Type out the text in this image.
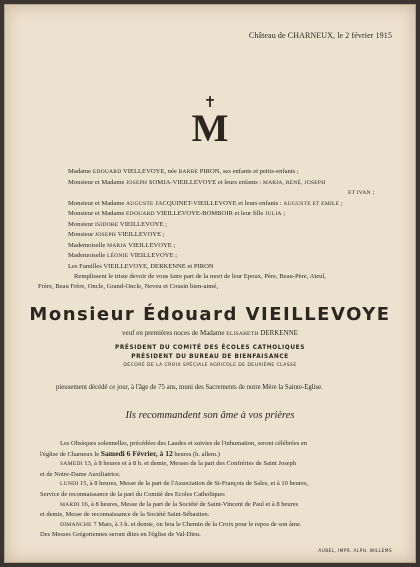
Château de CHARNEUX, le 2 février 1915
✝
M
Madame EDOUARD VIELLEVOYE, née BARBE PIRON, ses enfants et petits-enfants ;
Monsieur et Madame JOSEPH SOMJA-VIEILLEVOYE et leurs enfants : MARIA, RENÉ, JOSEPH
ET IVAN ;
Monsieur et Madame AUGUSTE JACQUINET-VIEILLEVOYE et leurs enfants : AUGUSTE ET EMILE ;
Monsieur et Madame EDOUARD VIEILLEVOYE-BOMBOIR et leur fille JULIA ;
Monsieur ISIDORE VIEILLEVOYE ;
Monsieur JOSEPH VIEILLEVOYE ;
Mademoiselle MARIA VIEILLEVOYE ;
Mademoiselle LÉONIE VIEILLEVOYE ;
Les Familles VIEILLEVOYE, DERKENNE et PIRON
Remplissent le triste devoir de vous faire part de la mort de leur Epoux, Père, Beau-Père, Aïeul,
Frère, Beau Frère, Oncle, Grand-Oncle, Neveu et Cousin bien-aimé,
Monsieur Édouard VIEILLEVOYE
veuf en premières noces de Madame ELISABETH DERKENNE
PRÉSIDENT DU COMITÉ DES ÉCOLES CATHOLIQUES
PRÉSIDENT DU BUREAU DE BIENFAISANCE
DÉCORÉ DE LA CROIX SPÉCIALE AGRICOLE DE DEUXIÈME CLASSE
pieusement décédé ce jour, à l'âge de 75 ans, muni des Sacrements de notre Mère la Sainte-Eglise.
Ils recommandent son âme à vos prières

Les Obsèques solennelles, précédées des Laudes et suivies de l'inhumation, seront célébrées en
l'église de Charneux le Samedi 6 Février, à 12 heures (h. allem.)

SAMEDI 13, à 8 heures et à 8 h. et demie, Messes de la part des Confréries de Saint Joseph
et de Notre-Dame Auxiliatrice.

LUNDI 15, à 8 heures, Messe de la part de l'Association de St-François de Sales, et à 10 heures,
Service de reconnaissance de la part du Comité des Ecoles Catholiques

MARDI 16, à 8 heures, Messe de la part de la Société de Saint-Vincent de Paul et à 8 heures
et demie, Messe de reconnaissance de la Société Saint-Sébastien.

DIMANCHE 7 Mars, à 3 h. et demie, on fera le Chemin de la Croix pour le repos de son âme.
Des Messes Grégoriennes seront dites en l'église de Val-Dieu.

AUBEL, IMPR. ALPH. WILLEMS
